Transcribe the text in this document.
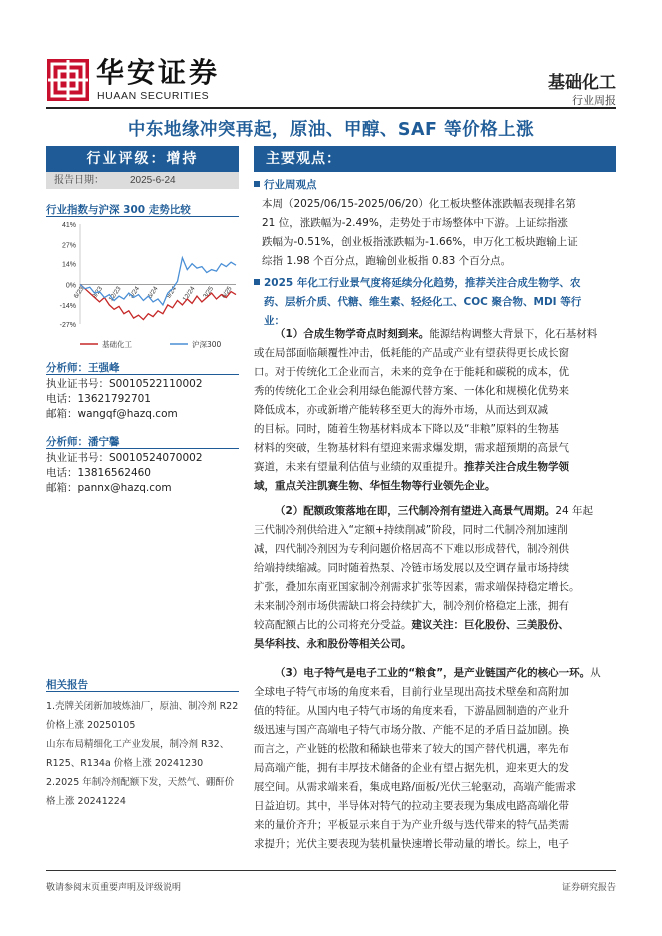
华安证券
HUAAN SECURITIES
基础化工
行业周报
中东地缘冲突再起，原油、甲醇、SAF 等价格上涨
行业评级：增持
报告日期：	2025-6-24
行业指数与沪深 300 走势比较
41%
27%
14%
0%
-14%
-27%
6/23 9/23 12/23 3/24 6/24 9/24 12/24 3/25 6/25
基础化工	沪深300
分析师：王强峰
执业证书号：S0010522110002
电话：13621792701
邮箱：wangqf@hazq.com
分析师：潘宁馨
执业证书号：S0010524070002
电话：13816562460
邮箱：pannx@hazq.com
相关报告
1.壳牌关闭新加坡炼油厂，原油、制冷剂 R22
价格上涨 20250105
山东布局精细化工产业发展，制冷剂 R32、
R125、R134a 价格上涨 20241230
2.2025 年制冷剂配额下发，天然气、硼酐价
格上涨 20241224
主要观点：
行业周观点
本周（2025/06/15-2025/06/20）化工板块整体涨跌幅表现排名第
21 位，涨跌幅为-2.49%，走势处于市场整体中下游。上证综指涨
跌幅为-0.51%，创业板指涨跌幅为-1.66%，申万化工板块跑输上证
综指 1.98 个百分点，跑输创业板指 0.83 个百分点。
2025 年化工行业景气度将延续分化趋势，推荐关注合成生物学、农
药、层析介质、代糖、维生素、轻烃化工、COC 聚合物、MDI 等行
业：
（1）合成生物学奇点时刻到来。能源结构调整大背景下，化石基材料
或在局部面临颠覆性冲击，低耗能的产品或产业有望获得更长成长窗
口。对于传统化工企业而言，未来的竞争在于能耗和碳税的成本，优
秀的传统化工企业会利用绿色能源代替方案、一体化和规模化优势来
降低成本，亦或新增产能转移至更大的海外市场，从而达到双减
的目标。同时，随着生物基材料成本下降以及“非粮”原料的生物基
材料的突破，生物基材料有望迎来需求爆发期，需求超预期的高景气
赛道，未来有望量利估值与业绩的双重提升。推荐关注合成生物学领
域，重点关注凯赛生物、华恒生物等行业领先企业。
（2）配额政策落地在即，三代制冷剂有望进入高景气周期。24 年起
三代制冷剂供给进入“定额+持续削减”阶段，同时二代制冷剂加速削
减，四代制冷剂因为专利问题价格居高不下难以形成替代，制冷剂供
给端持续缩减。同时随着热泵、冷链市场发展以及空调存量市场持续
扩张，叠加东南亚国家制冷剂需求扩张等因素，需求端保持稳定增长。
未来制冷剂市场供需缺口将会持续扩大，制冷剂价格稳定上涨，拥有
较高配额占比的公司将充分受益。建议关注：巨化股份、三美股份、
昊华科技、永和股份等相关公司。
（3）电子特气是电子工业的“粮食”，是产业链国产化的核心一环。从
全球电子特气市场的角度来看，目前行业呈现出高技术壁垒和高附加
值的特征。从国内电子特气市场的角度来看，下游晶圆制造的产业升
级迅速与国产高端电子特气市场分散、产能不足的矛盾日益加剧。换
而言之，产业链的松散和稀缺也带来了较大的国产替代机遇，率先布
局高端产能，拥有丰厚技术储备的企业有望占据先机，迎来更大的发
展空间。从需求端来看，集成电路/面板/光伏三轮驱动，高端产能需求
日益迫切。其中，半导体对特气的拉动主要表现为集成电路高端化带
来的量价齐升；平板显示来自于为产业升级与迭代带来的特气品类需
求提升；光伏主要表现为装机量快速增长带动量的增长。综上，电子
敬请参阅末页重要声明及评级说明	证券研究报告
